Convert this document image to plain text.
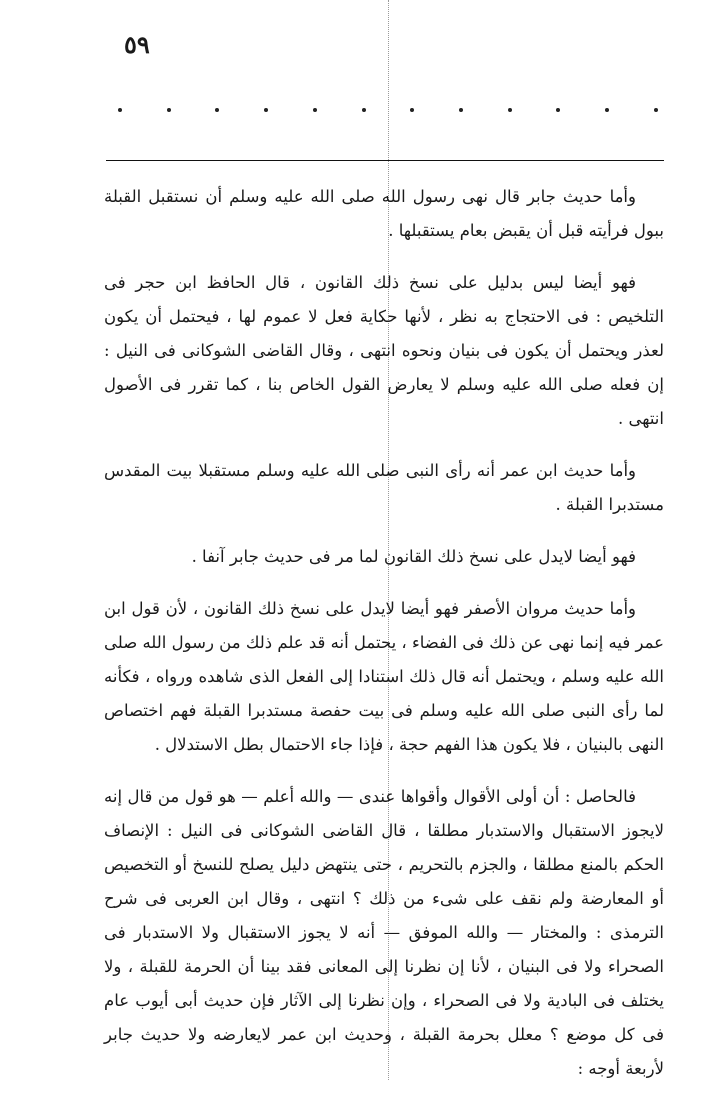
٥٩

وأما حديث جابر قال نهى رسول الله صلى الله عليه وسلم أن نستقبل القبلة ببول فرأيته قبل أن يقبض بعام يستقبلها .

فهو أيضا ليس بدليل على نسخ ذلك القانون ، قال الحافظ ابن حجر فى التلخيص : فى الاحتجاج به نظر ، لأنها حكاية فعل لا عموم لها ، فيحتمل أن يكون لعذر ويحتمل أن يكون فى بنيان ونحوه انتهى ، وقال القاضى الشوكانى فى النيل : إن فعله صلى الله عليه وسلم لا يعارض القول الخاص بنا ، كما تقرر فى الأصول انتهى .

وأما حديث ابن عمر أنه رأى النبى صلى الله عليه وسلم مستقبلا بيت المقدس مستدبرا القبلة .

فهو أيضا لايدل على نسخ ذلك القانون لما مر فى حديث جابر آنفا .

وأما حديث مروان الأصفر فهو أيضا لايدل على نسخ ذلك القانون ، لأن قول ابن عمر فيه إنما نهى عن ذلك فى الفضاء ، يحتمل أنه قد علم ذلك من رسول الله صلى الله عليه وسلم ، ويحتمل أنه قال ذلك استنادا إلى الفعل الذى شاهده ورواه ، فكأنه لما رأى النبى صلى الله عليه وسلم فى بيت حفصة مستدبرا القبلة فهم اختصاص النهى بالبنيان ، فلا يكون هذا الفهم حجة ، فإذا جاء الاحتمال بطل الاستدلال .

فالحاصل : أن أولى الأقوال وأقواها عندى — والله أعلم — هو قول من قال إنه لايجوز الاستقبال والاستدبار مطلقا ، قال القاضى الشوكانى فى النيل : الإنصاف الحكم بالمنع مطلقا ، والجزم بالتحريم ، حتى ينتهض دليل يصلح للنسخ أو التخصيص أو المعارضة ولم نقف على شىء من ذلك ؟ انتهى ، وقال ابن العربى فى شرح الترمذى : والمختار — والله الموفق — أنه لا يجوز الاستقبال ولا الاستدبار فى الصحراء ولا فى البنيان ، لأنا إن نظرنا إلى المعانى فقد بينا أن الحرمة للقبلة ، ولا يختلف فى البادية ولا فى الصحراء ، وإن نظرنا إلى الآثار فإن حديث أبى أيوب عام فى كل موضع ؟ معلل بحرمة القبلة ، وحديث ابن عمر لايعارضه ولا حديث جابر لأربعة أوجه :
